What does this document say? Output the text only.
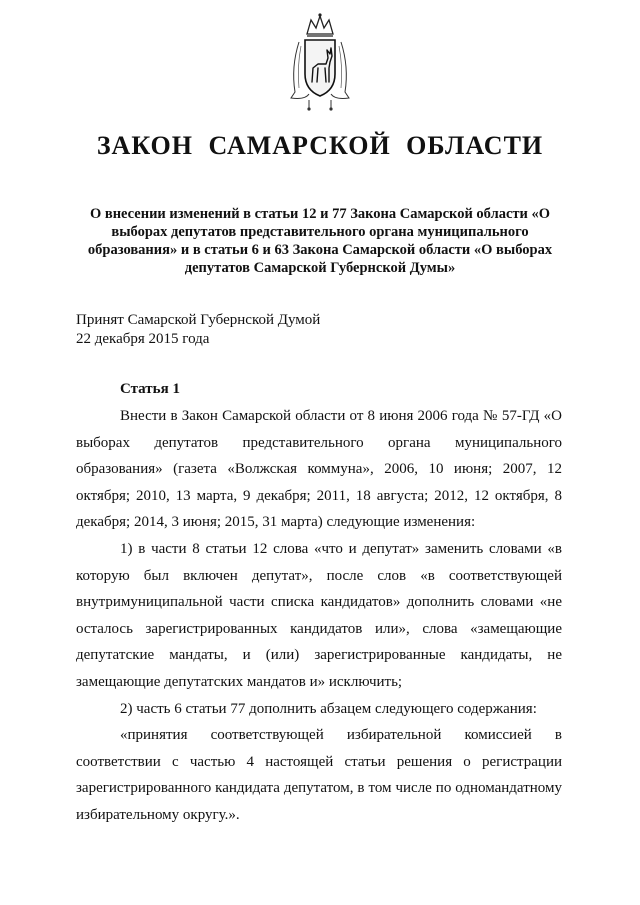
ЗАКОН САМАРСКОЙ ОБЛАСТИ
О внесении изменений в статьи 12 и 77 Закона Самарской области «О выборах депутатов представительного органа муниципального образования» и в статьи 6 и 63 Закона Самарской области «О выборах депутатов Самарской Губернской Думы»
Принят Самарской Губернской Думой
22 декабря 2015 года
Статья 1

Внести в Закон Самарской области от 8 июня 2006 года № 57-ГД «О выборах депутатов представительного органа муниципального образования» (газета «Волжская коммуна», 2006, 10 июня; 2007, 12 октября; 2010, 13 марта, 9 декабря; 2011, 18 августа; 2012, 12 октября, 8 декабря; 2014, 3 июня; 2015, 31 марта) следующие изменения:

1) в части 8 статьи 12 слова «что и депутат» заменить словами «в которую был включен депутат», после слов «в соответствующей внутримуниципальной части списка кандидатов» дополнить словами «не осталось зарегистрированных кандидатов или», слова «замещающие депутатские мандаты, и (или) зарегистрированные кандидаты, не замещающие депутатских мандатов и» исключить;

2) часть 6 статьи 77 дополнить абзацем следующего содержания:

«принятия соответствующей избирательной комиссией в соответствии с частью 4 настоящей статьи решения о регистрации зарегистрированного кандидата депутатом, в том числе по одномандатному избирательному округу.».
